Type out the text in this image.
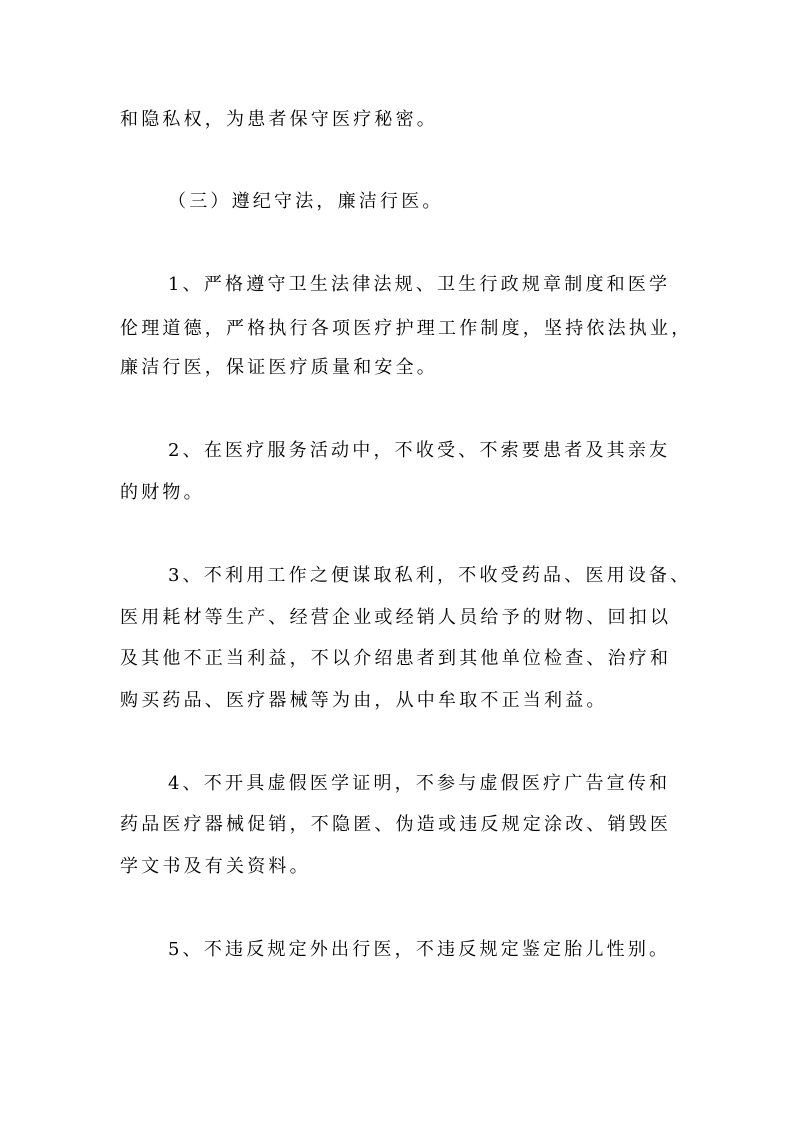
和隐私权，为患者保守医疗秘密。
（三）遵纪守法，廉洁行医。
1、严格遵守卫生法律法规、卫生行政规章制度和医学
伦理道德，严格执行各项医疗护理工作制度，坚持依法执业，
廉洁行医，保证医疗质量和安全。
2、在医疗服务活动中，不收受、不索要患者及其亲友
的财物。
3、不利用工作之便谋取私利，不收受药品、医用设备、
医用耗材等生产、经营企业或经销人员给予的财物、回扣以
及其他不正当利益，不以介绍患者到其他单位检查、治疗和
购买药品、医疗器械等为由，从中牟取不正当利益。
4、不开具虚假医学证明，不参与虚假医疗广告宣传和
药品医疗器械促销，不隐匿、伪造或违反规定涂改、销毁医
学文书及有关资料。
5、不违反规定外出行医，不违反规定鉴定胎儿性别。
